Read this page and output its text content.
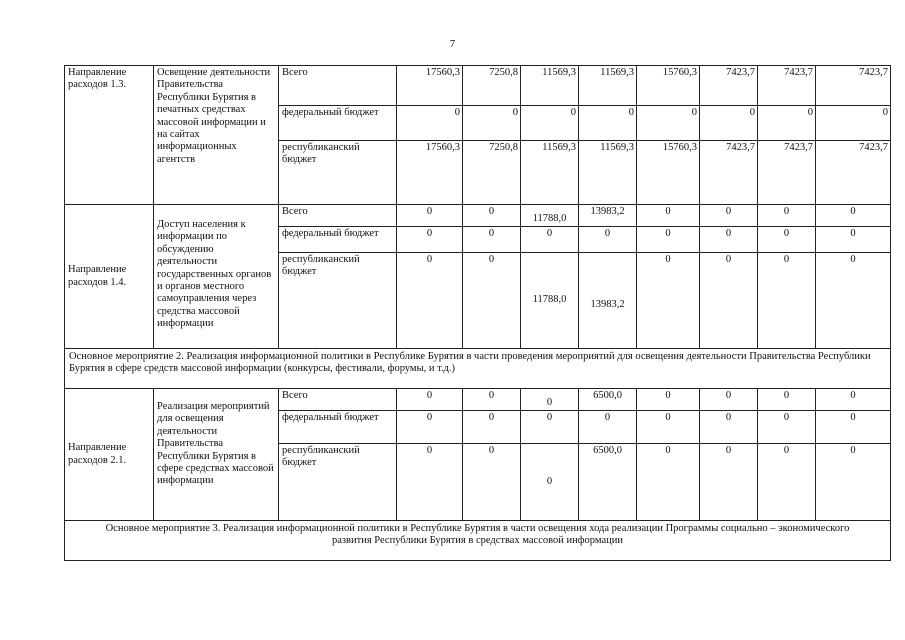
7
Направление расходов 1.3.	Освещение деятельности Правительства Республики Бурятия в печатных средствах массовой информации и на сайтах информационных агентств	Всего	17560,3	7250,8	11569,3	11569,3	15760,3	7423,7	7423,7	7423,7
		федеральный бюджет	0	0	0	0	0	0	0	0
		республиканский бюджет	17560,3	7250,8	11569,3	11569,3	15760,3	7423,7	7423,7	7423,7
Направление расходов 1.4.	Доступ населения к информации по обсуждению деятельности государственных органов и органов местного самоуправления через средства массовой информации	Всего	0	0	11788,0	13983,2	0	0	0	0
		федеральный бюджет	0	0	0	0	0	0	0	0
		республиканский бюджет	0	0	11788,0	13983,2	0	0	0	0
Основное мероприятие 2. Реализация информационной политики в Республике Бурятия в части проведения мероприятий для освещения деятельности Правительства Республики Бурятия в сфере средств массовой информации (конкурсы, фестивали, форумы, и т.д.)										
Направление расходов 2.1.	Реализация мероприятий для освещения деятельности Правительства Республики Бурятия в сфере средствах массовой информации	Всего	0	0	0	6500,0	0	0	0	0
		федеральный бюджет	0	0	0	0	0	0	0	0
		республиканский бюджет	0	0	0	6500,0	0	0	0	0
Основное мероприятие 3. Реализация информационной политики в Республике Бурятия в части освещения хода реализации Программы социально – экономического развития Республики Бурятия в средствах массовой информации										
